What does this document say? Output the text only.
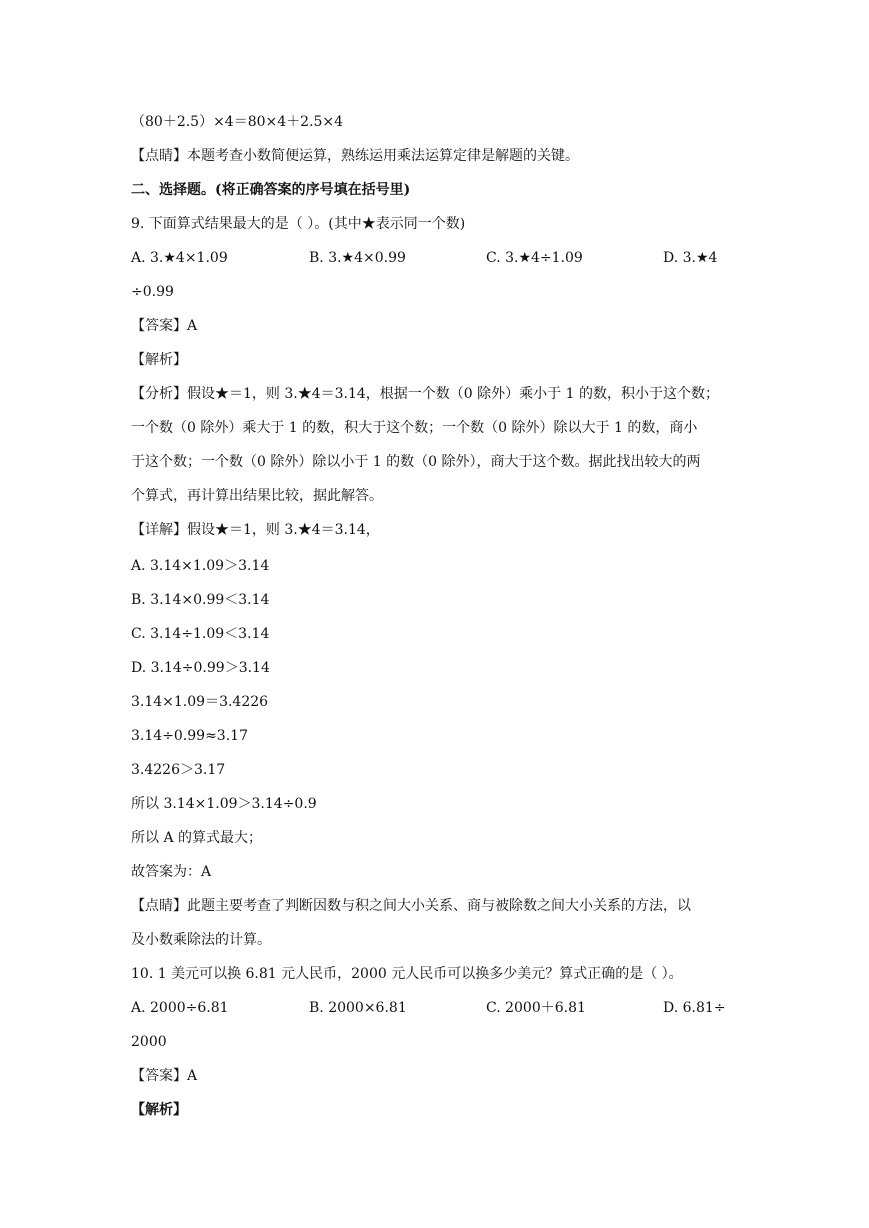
（80＋2.5）×4＝80×4＋2.5×4
【点睛】本题考查小数简便运算，熟练运用乘法运算定律是解题的关键。
二、选择题。(将正确答案的序号填在括号里)
9. 下面算式结果最大的是（ ）。(其中★表示同一个数)
A. 3.★4×1.09	B. 3.★4×0.99	C. 3.★4÷1.09	D. 3.★4
÷0.99
【答案】A
【解析】
【分析】假设★＝1，则 3.★4＝3.14，根据一个数（0 除外）乘小于 1 的数，积小于这个数；
一个数（0 除外）乘大于 1 的数，积大于这个数；一个数（0 除外）除以大于 1 的数，商小
于这个数；一个数（0 除外）除以小于 1 的数（0 除外），商大于这个数。据此找出较大的两
个算式，再计算出结果比较，据此解答。
【详解】假设★＝1，则 3.★4＝3.14，
A. 3.14×1.09＞3.14
B. 3.14×0.99＜3.14
C. 3.14÷1.09＜3.14
D. 3.14÷0.99＞3.14
3.14×1.09＝3.4226
3.14÷0.99≈3.17
3.4226＞3.17
所以 3.14×1.09＞3.14÷0.9
所以 A 的算式最大；
故答案为：A
【点睛】此题主要考查了判断因数与积之间大小关系、商与被除数之间大小关系的方法，以
及小数乘除法的计算。
10. 1 美元可以换 6.81 元人民币，2000 元人民币可以换多少美元？算式正确的是（ ）。
A. 2000÷6.81	B. 2000×6.81	C. 2000＋6.81	D. 6.81÷
2000
【答案】A
【解析】
